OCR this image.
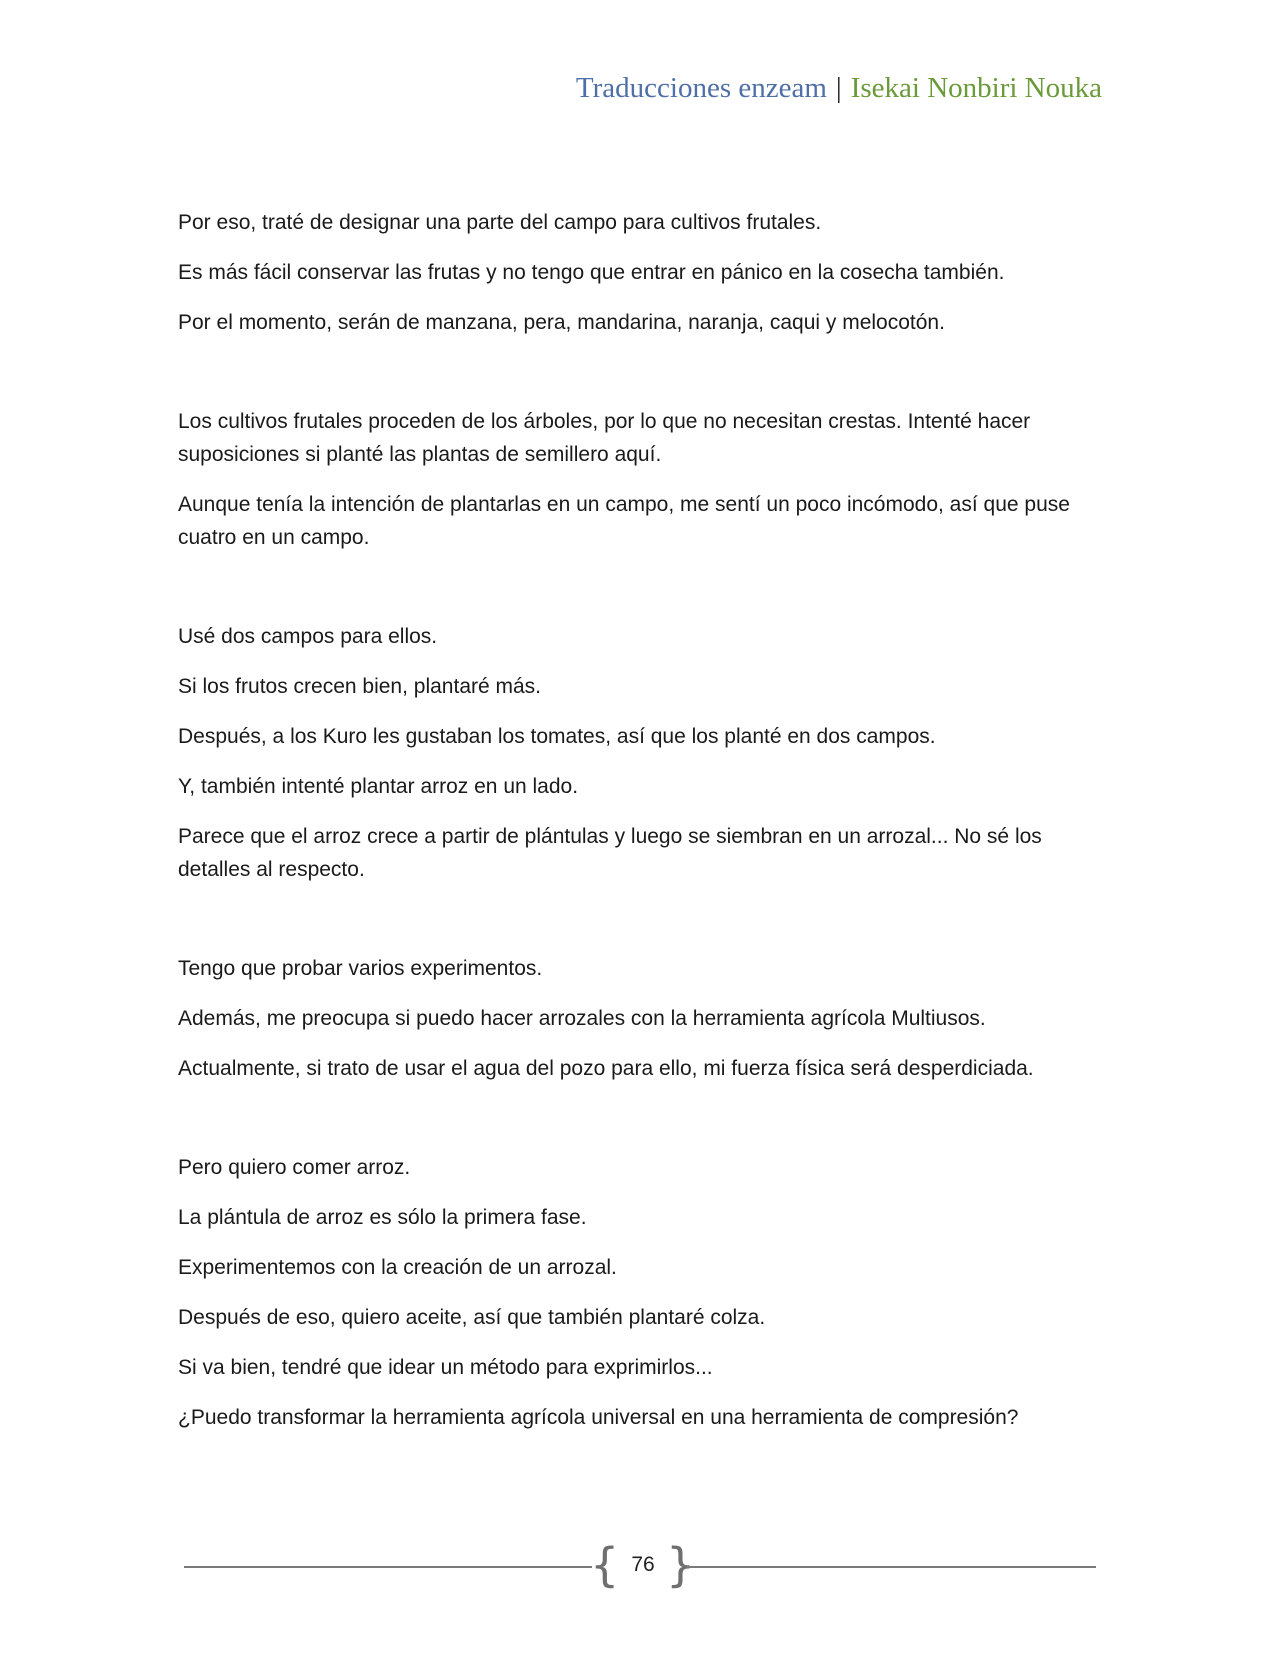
Traducciones enzeam | Isekai Nonbiri Nouka

Por eso, traté de designar una parte del campo para cultivos frutales.

Es más fácil conservar las frutas y no tengo que entrar en pánico en la cosecha también.

Por el momento, serán de manzana, pera, mandarina, naranja, caqui y melocotón.

Los cultivos frutales proceden de los árboles, por lo que no necesitan crestas. Intenté hacer suposiciones si planté las plantas de semillero aquí.

Aunque tenía la intención de plantarlas en un campo, me sentí un poco incómodo, así que puse cuatro en un campo.

Usé dos campos para ellos.

Si los frutos crecen bien, plantaré más.

Después, a los Kuro les gustaban los tomates, así que los planté en dos campos.

Y, también intenté plantar arroz en un lado.

Parece que el arroz crece a partir de plántulas y luego se siembran en un arrozal... No sé los detalles al respecto.

Tengo que probar varios experimentos.

Además, me preocupa si puedo hacer arrozales con la herramienta agrícola Multiusos.

Actualmente, si trato de usar el agua del pozo para ello, mi fuerza física será desperdiciada.

Pero quiero comer arroz.

La plántula de arroz es sólo la primera fase.

Experimentemos con la creación de un arrozal.

Después de eso, quiero aceite, así que también plantaré colza.

Si va bien, tendré que idear un método para exprimirlos...

¿Puedo transformar la herramienta agrícola universal en una herramienta de compresión?

{ 76 }
